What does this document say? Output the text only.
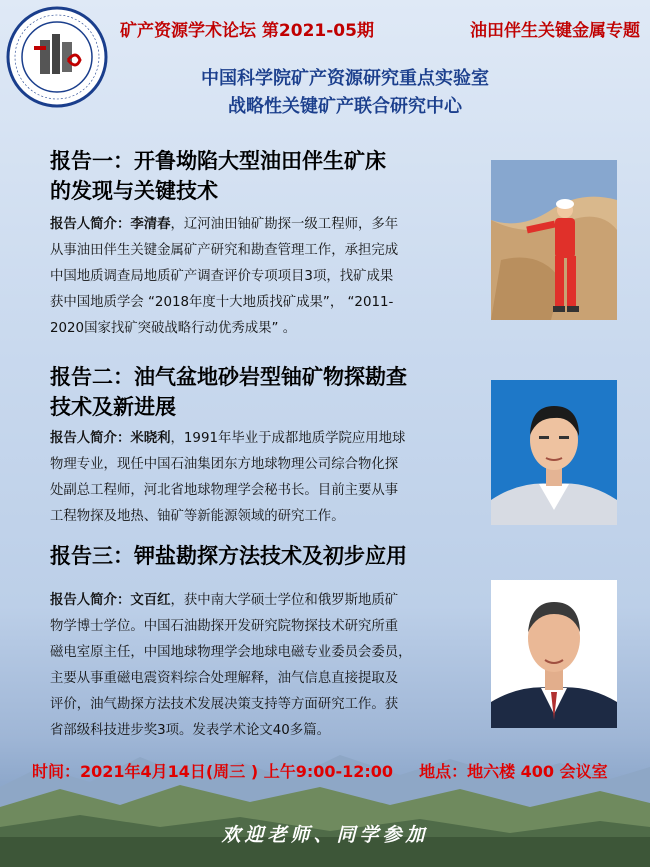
矿产资源学术论坛 第2021-05期	油田伴生关键金属专题
中国科学院矿产资源研究重点实验室
战略性关键矿产联合研究中心
报告一：开鲁坳陷大型油田伴生矿床
的发现与关键技术
报告人简介：李清春，辽河油田铀矿勘探一级工程师，多年
从事油田伴生关键金属矿产研究和勘查管理工作，承担完成
中国地质调查局地质矿产调查评价专项项目3项，找矿成果
获中国地质学会 “2018年度十大地质找矿成果”， “2011-
2020国家找矿突破战略行动优秀成果” 。
报告二：油气盆地砂岩型铀矿物探勘查
技术及新进展
报告人简介：米晓利，1991年毕业于成都地质学院应用地球
物理专业，现任中国石油集团东方地球物理公司综合物化探
处副总工程师，河北省地球物理学会秘书长。目前主要从事
工程物探及地热、铀矿等新能源领域的研究工作。
报告三：钾盐勘探方法技术及初步应用
报告人简介：文百红，获中南大学硕士学位和俄罗斯地质矿
物学博士学位。中国石油勘探开发研究院物探技术研究所重
磁电室原主任，中国地球物理学会地球电磁专业委员会委员，
主要从事重磁电震资料综合处理解释，油气信息直接提取及
评价，油气勘探方法技术发展决策支持等方面研究工作。获
省部级科技进步奖3项。发表学术论文40多篇。
时间：2021年4月14日(周三 ) 上午9:00-12:00 地点：地六楼 400 会议室
欢迎老师、同学参加
